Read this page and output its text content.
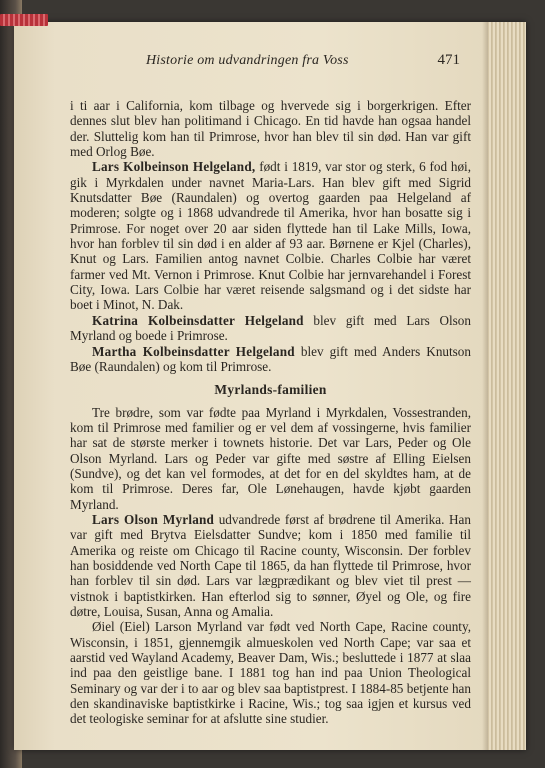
Historie om udvandringen fra Voss	471

i ti aar i California, kom tilbage og hvervede sig i borgerkrigen. Efter dennes slut blev han politimand i Chicago. En tid havde han ogsaa handel der. Sluttelig kom han til Primrose, hvor han blev til sin død. Han var gift med Orlog Bøe.

Lars Kolbeinson Helgeland, født i 1819, var stor og sterk, 6 fod høi, gik i Myrkdalen under navnet Maria-Lars. Han blev gift med Sigrid Knutsdatter Bøe (Raundalen) og overtog gaarden paa Helgeland af moderen; solgte og i 1868 udvandrede til Amerika, hvor han bosatte sig i Primrose. For noget over 20 aar siden flyttede han til Lake Mills, Iowa, hvor han forblev til sin død i en alder af 93 aar. Børnene er Kjel (Charles), Knut og Lars. Familien antog navnet Colbie. Charles Colbie har været farmer ved Mt. Vernon i Primrose. Knut Colbie har jernvarehandel i Forest City, Iowa. Lars Colbie har været reisende salgsmand og i det sidste har boet i Minot, N. Dak.

Katrina Kolbeinsdatter Helgeland blev gift med Lars Olson Myrland og boede i Primrose.

Martha Kolbeinsdatter Helgeland blev gift med Anders Knutson Bøe (Raundalen) og kom til Primrose.

Myrlands-familien

Tre brødre, som var fødte paa Myrland i Myrkdalen, Vossestranden, kom til Primrose med familier og er vel dem af vossingerne, hvis familier har sat de største merker i townets historie. Det var Lars, Peder og Ole Olson Myrland. Lars og Peder var gifte med søstre af Elling Eielsen (Sundve), og det kan vel formodes, at det for en del skyldtes ham, at de kom til Primrose. Deres far, Ole Lønehaugen, havde kjøbt gaarden Myrland.

Lars Olson Myrland udvandrede først af brødrene til Amerika. Han var gift med Brytva Eielsdatter Sundve; kom i 1850 med familie til Amerika og reiste om Chicago til Racine county, Wisconsin. Der forblev han bosiddende ved North Cape til 1865, da han flyttede til Primrose, hvor han forblev til sin død. Lars var lægprædikant og blev viet til prest — vistnok i baptistkirken. Han efterlod sig to sønner, Øyel og Ole, og fire døtre, Louisa, Susan, Anna og Amalia.

Øiel (Eiel) Larson Myrland var født ved North Cape, Racine county, Wisconsin, i 1851, gjennemgik almueskolen ved North Cape; var saa et aarstid ved Wayland Academy, Beaver Dam, Wis.; besluttede i 1877 at slaa ind paa den geistlige bane. I 1881 tog han ind paa Union Theological Seminary og var der i to aar og blev saa baptistprest. I 1884-85 betjente han den skandinaviske baptistkirke i Racine, Wis.; tog saa igjen et kursus ved det teologiske seminar for at afslutte sine studier.
